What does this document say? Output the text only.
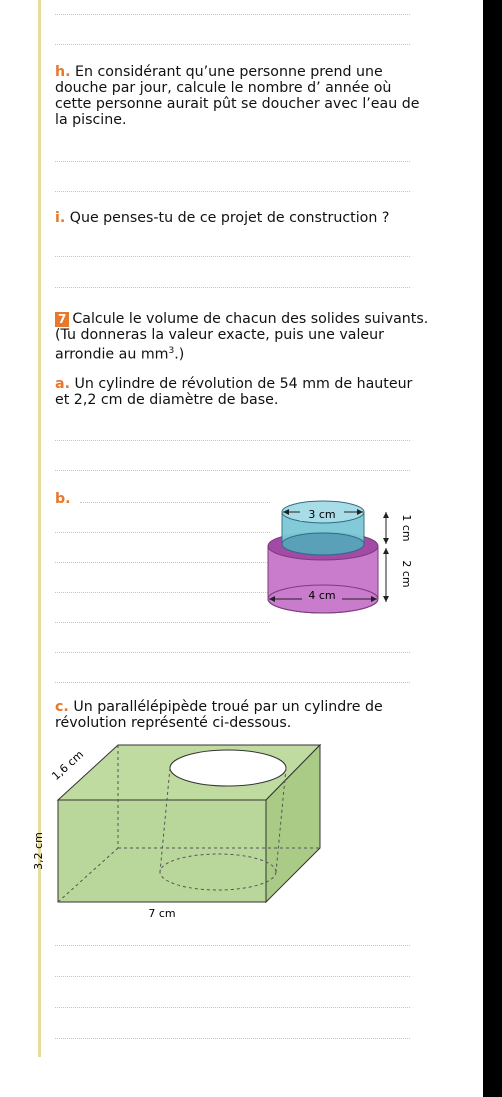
h. En considérant qu’une personne prend une douche par jour, calcule le nombre d’ année où cette personne aurait pût se doucher avec l’eau de la piscine.
i. Que penses-tu de ce projet de construction ?
7 Calcule le volume de chacun des solides suivants. (Tu donneras la valeur exacte, puis une valeur arrondie au $mm^3$.)
a. Un cylindre de révolution de 54 mm de hauteur et 2,2 cm de diamètre de base.
b.
3 cm
4 cm
1 cm
2 cm
c. Un parallélépipède troué par un cylindre de révolution représenté ci-dessous.
1,6 cm
3,2 cm
7 cm
